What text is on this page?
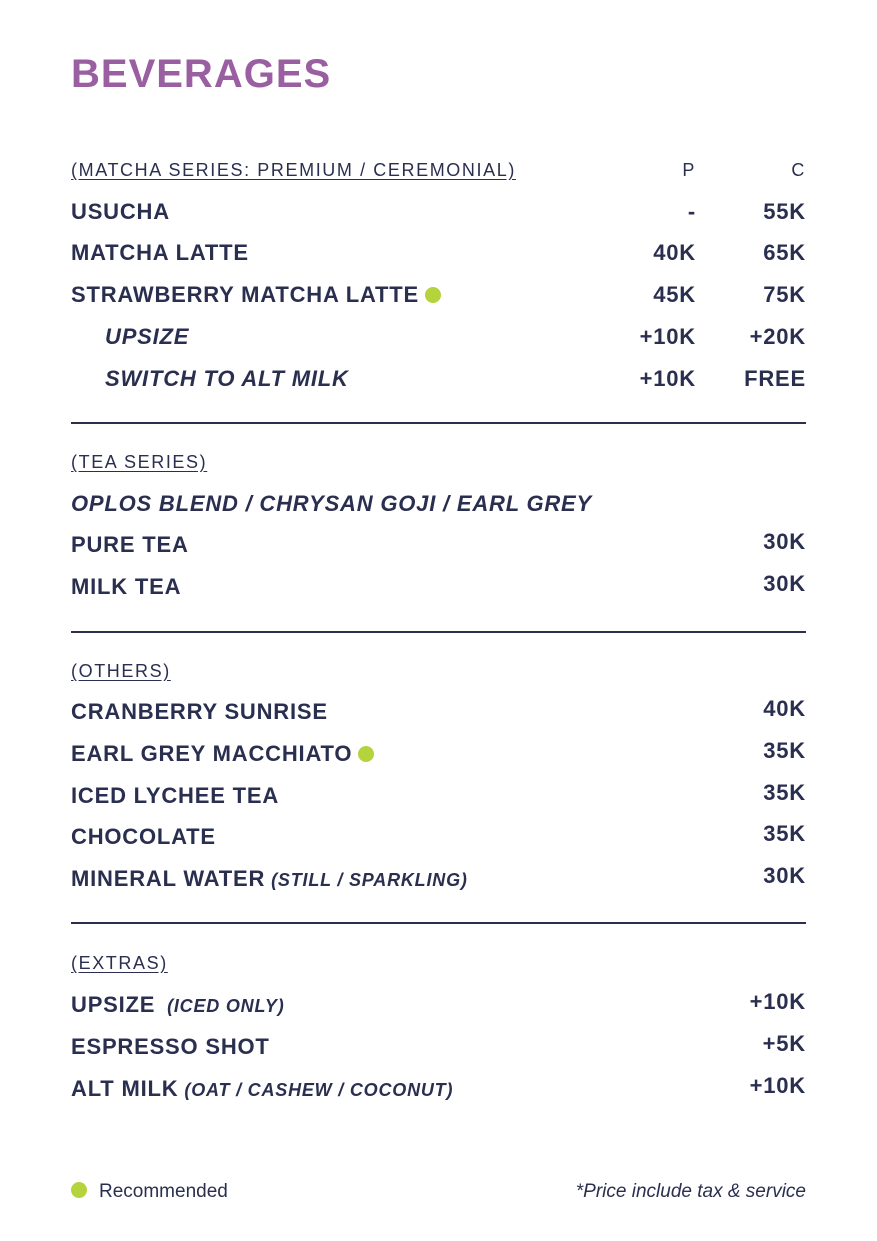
BEVERAGES
(MATCHA SERIES: PREMIUM / CEREMONIAL)	P	C
USUCHA	-	55K
MATCHA LATTE	40K	65K
STRAWBERRY MATCHA LATTE	45K	75K
UPSIZE	+10K +20K
SWITCH TO ALT MILK	+10K FREE
(TEA SERIES)
OPLOS BLEND / CHRYSAN GOJI / EARL GREY
PURE TEA	30K
MILK TEA	30K
(OTHERS)
CRANBERRY SUNRISE	40K
EARL GREY MACCHIATO	35K
ICED LYCHEE TEA	35K
CHOCOLATE	35K
MINERAL WATER (STILL / SPARKLING)	30K
(EXTRAS)
UPSIZE (ICED ONLY)	+10K
ESPRESSO SHOT	+5K
ALT MILK (OAT / CASHEW / COCONUT)	+10K
Recommended	*Price include tax & service
